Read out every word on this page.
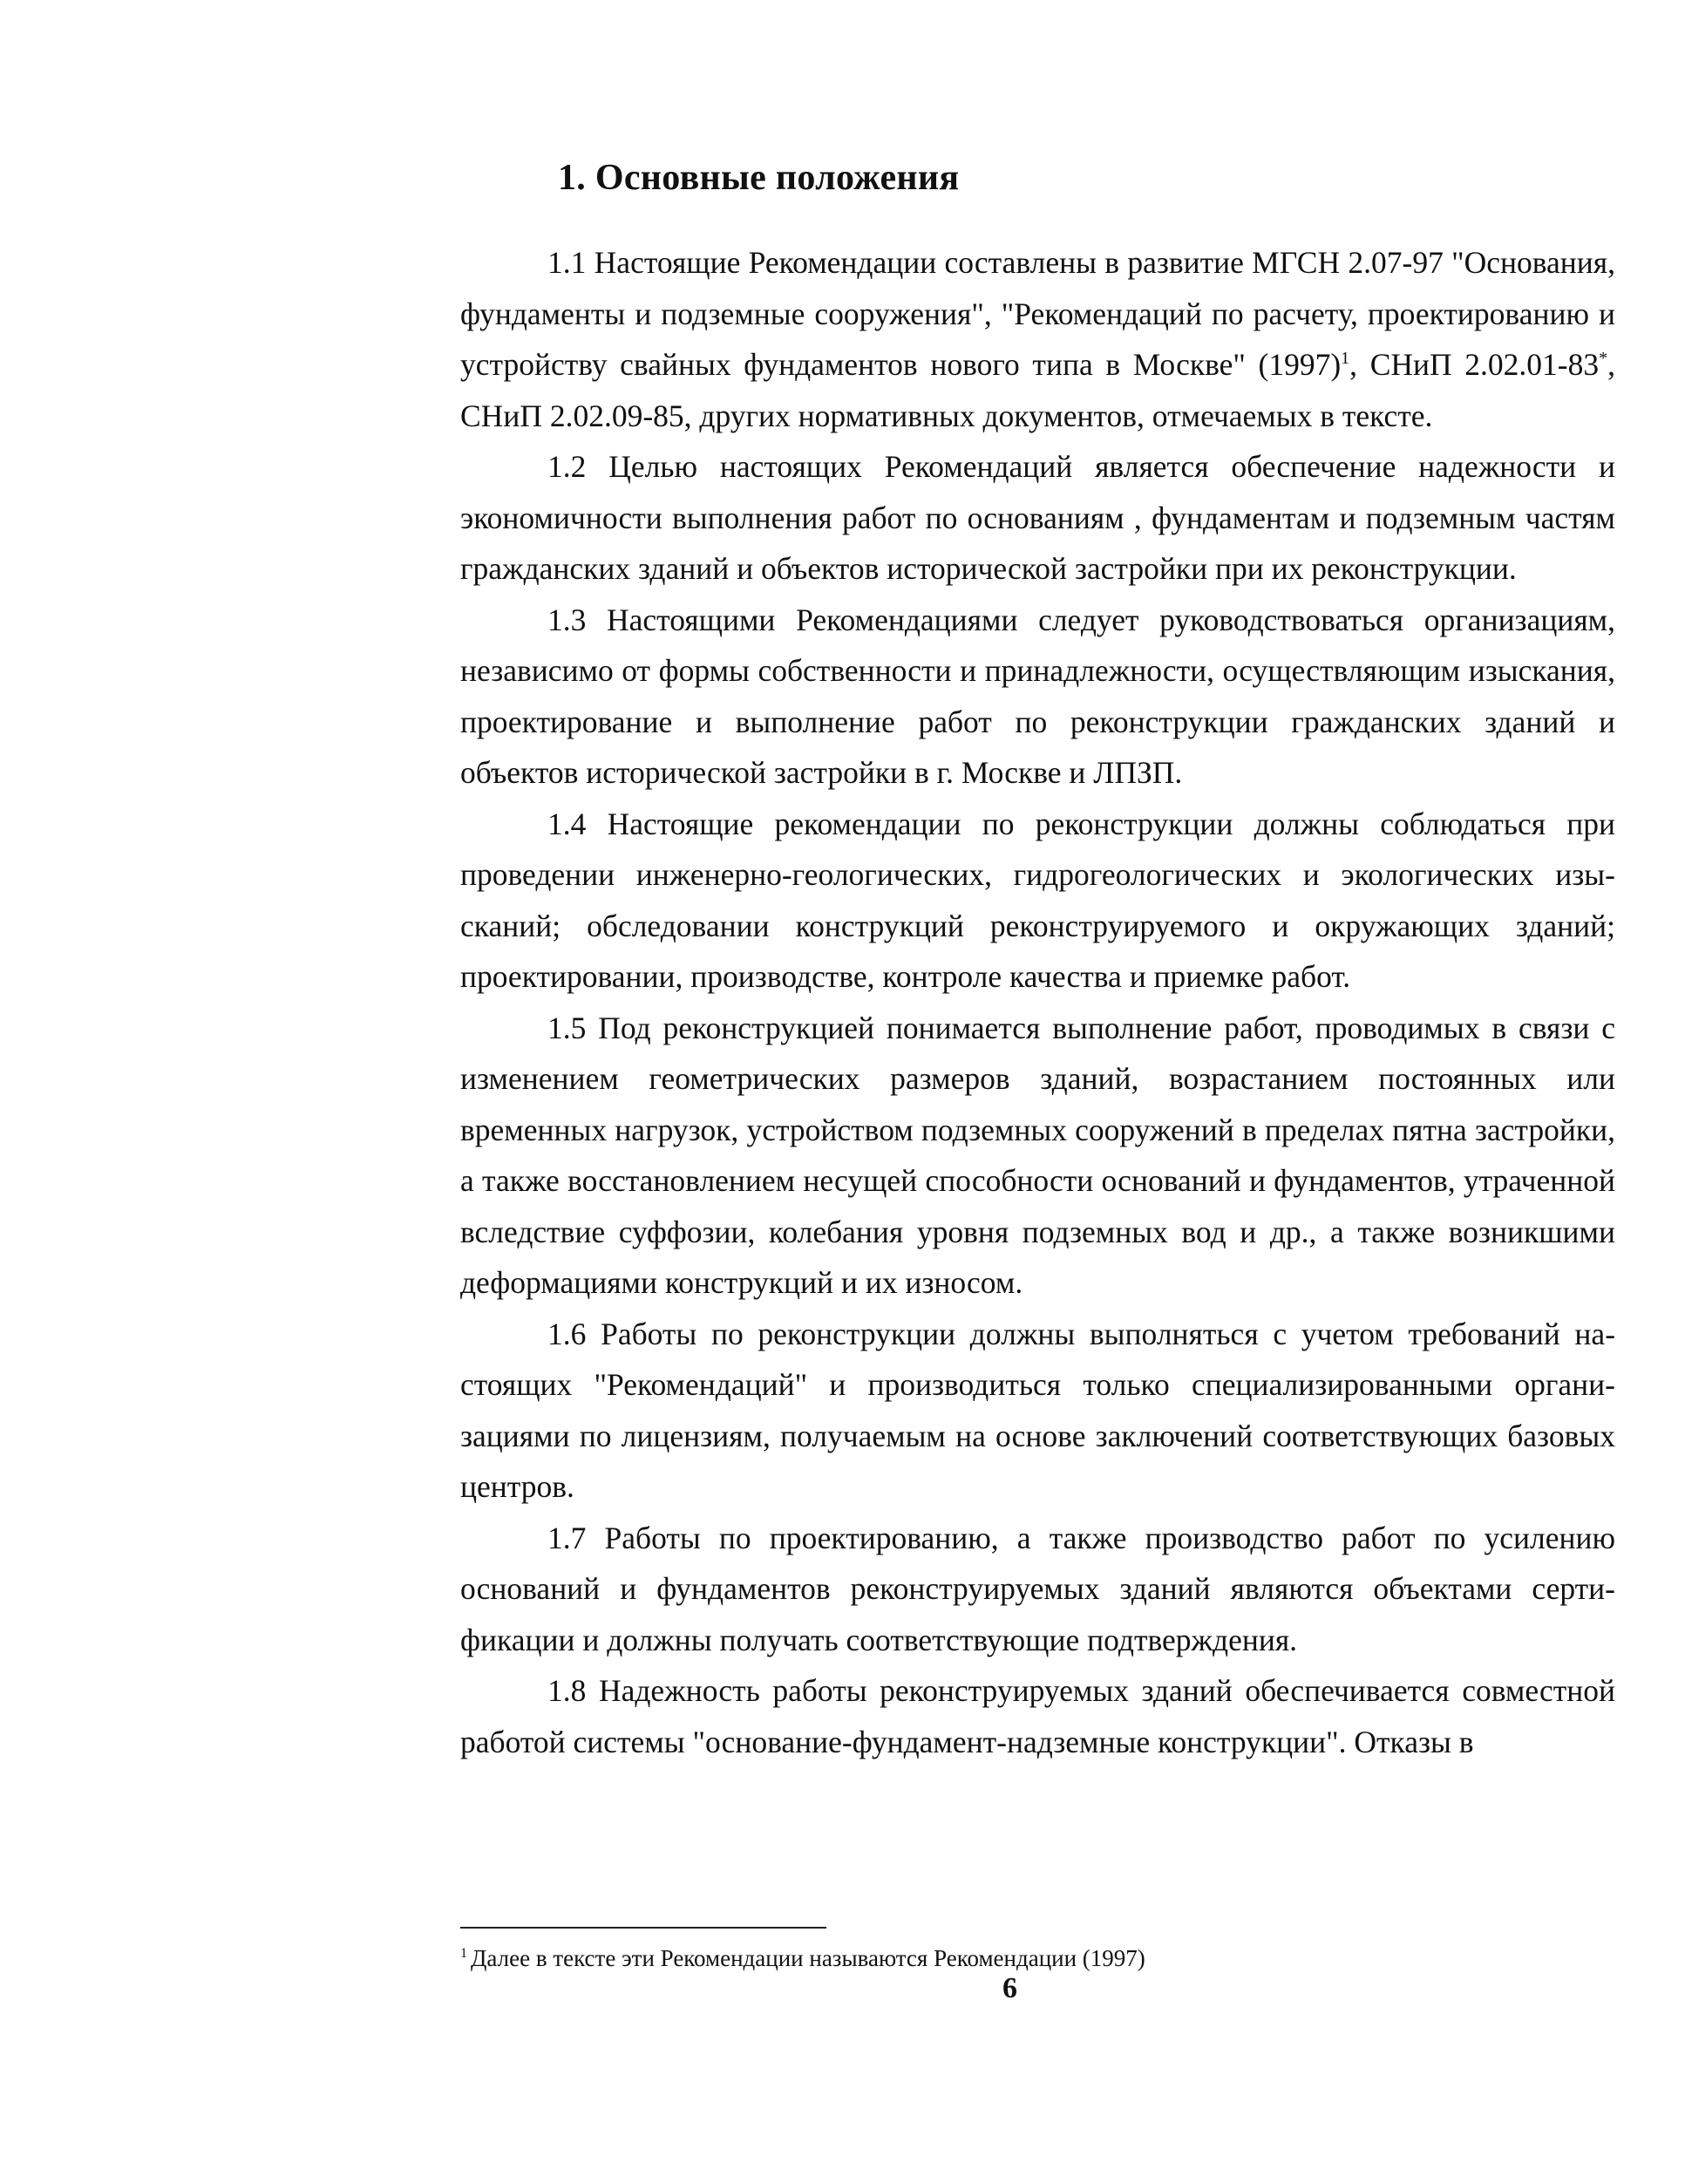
1. Основные положения

1.1 Настоящие Рекомендации составлены в развитие МГСН 2.07-97 "Основания, фундаменты и подземные сооружения", "Рекомендаций по расчету, проектированию и устройству свайных фундаментов нового типа в Москве" (1997)$^1$, СНиП 2.02.01-83*, СНиП 2.02.09-85, других нормативных документов, отмечаемых в тексте.

1.2 Целью настоящих Рекомендаций является обеспечение надежности и экономичности выполнения работ по основаниям , фундаментам и подземным частям гражданских зданий и объектов исторической застройки при их реконструкции.

1.3 Настоящими Рекомендациями следует руководствоваться организациям, независимо от формы собственности и принадлежности, осуществляющим изыскания, проектирование и выполнение работ по реконструкции гражданских зданий и объектов исторической застройки в г. Москве и ЛПЗП.

1.4 Настоящие рекомендации по реконструкции должны соблюдаться при проведении инженерно-геологических, гидрогеологических и экологических изысканий; обследовании конструкций реконструируемого и окружающих зданий; проектировании, производстве, контроле качества и приемке работ.

1.5 Под реконструкцией понимается выполнение работ, проводимых в связи с изменением геометрических размеров зданий, возрастанием постоянных или временных нагрузок, устройством подземных сооружений в пределах пятна застройки, а также восстановлением несущей способности оснований и фундаментов, утраченной вследствие суффозии, колебания уровня подземных вод и др., а также возникшими деформациями конструкций и их износом.

1.6 Работы по реконструкции должны выполняться с учетом требований настоящих "Рекомендаций" и производиться только специализированными организациями по лицензиям, получаемым на основе заключений соответствующих базовых центров.

1.7 Работы по проектированию, а также производство работ по усилению оснований и фундаментов реконструируемых зданий являются объектами сертификации и должны получать соответствующие подтверждения.

1.8 Надежность работы реконструируемых зданий обеспечивается совместной работой системы "основание-фундамент-надземные конструкции". Отказы в

$^1$ Далее в тексте эти Рекомендации называются Рекомендации (1997)

6
